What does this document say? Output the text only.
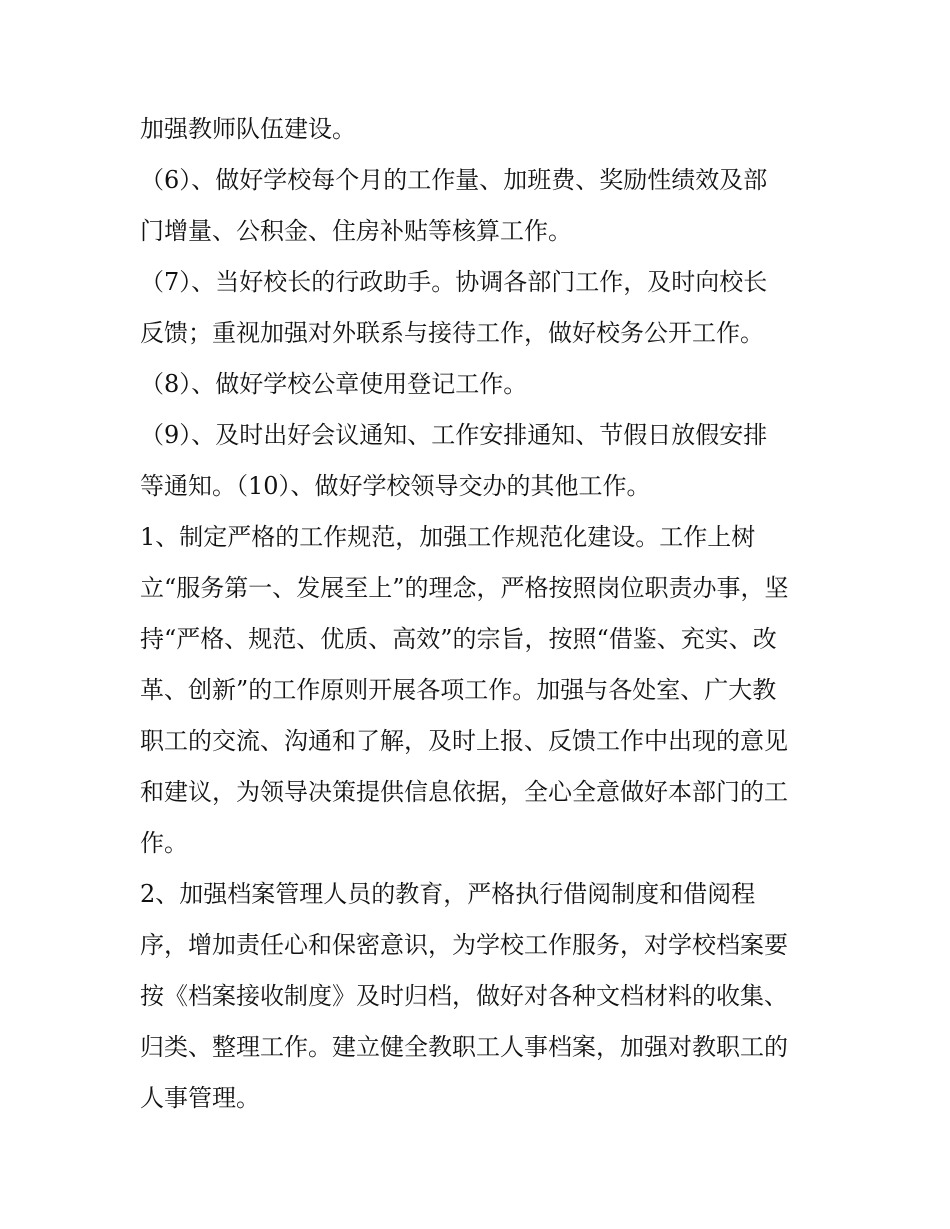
加强教师队伍建设。
（6）、做好学校每个月的工作量、加班费、奖励性绩效及部
门增量、公积金、住房补贴等核算工作。
（7）、当好校长的行政助手。协调各部门工作，及时向校长
反馈；重视加强对外联系与接待工作，做好校务公开工作。
（8）、做好学校公章使用登记工作。
（9）、及时出好会议通知、工作安排通知、节假日放假安排
等通知。（10）、做好学校领导交办的其他工作。
1、制定严格的工作规范，加强工作规范化建设。工作上树
立“服务第一、发展至上”的理念，严格按照岗位职责办事，坚
持“严格、规范、优质、高效”的宗旨，按照“借鉴、充实、改
革、创新”的工作原则开展各项工作。加强与各处室、广大教
职工的交流、沟通和了解，及时上报、反馈工作中出现的意见
和建议，为领导决策提供信息依据，全心全意做好本部门的工
作。
2、加强档案管理人员的教育，严格执行借阅制度和借阅程
序，增加责任心和保密意识，为学校工作服务，对学校档案要
按《档案接收制度》及时归档，做好对各种文档材料的收集、
归类、整理工作。建立健全教职工人事档案，加强对教职工的
人事管理。
